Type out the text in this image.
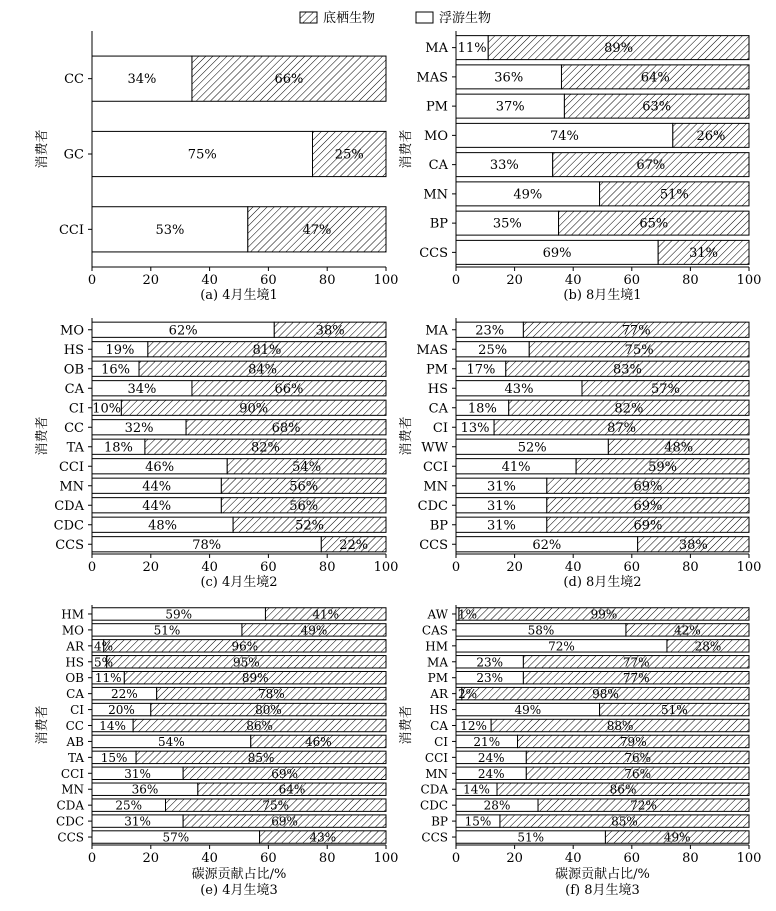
底栖生物	浮游生物
CC	34%	66%
GC	75%	25%
CCI	53%	47%
0	20	40	60	80	100
消费者
(a) 4月生境1
MA 11%	89%
MAS	36%	64%
PM	37%	63%
MO	74%	26%
CA	33%	67%
MN	49%	51%
BP	35%	65%
CCS	69%	31%
0	20	40	60	80	100
消费者
(b) 8月生境1
MO	62%	38%
HS 19%	81%
OB 16%	84%
CA	34%	66%
CI 10%	90%
CC	32%	68%
TA 18%	82%
CCI	46%	54%
MN	44%	56%
CDA	44%	56%
CDC	48%	52%
CCS	78%	22%
0	20	40	60	80	100
消费者
(c) 4月生境2
MA 23%	77%
MAS 25%	75%
PM 17%	83%
HS	43%	57%
CA 18%	82%
CI 13%	87%
WW	52%	48%
CCI	41%	59%
MN	31%	69%
CDC	31%	69%
BP	31%	69%
CCS	62%	38%
0	20	40	60	80	100
消费者
(d) 8月生境2
HM	59%	41%
MO	51%	49%
AR 4%	96%
HS 5%	95%
OB 11%	89%
CA 22%	78%
CI 20%	80%
CC 14%	86%
AB	54%	46%
TA 15%	85%
CCI	31%	69%
MN	36%	64%
CDA	25%	75%
CDC	31%	69%
CCS	57%	43%
0	20	40	60	80	100
消费者
碳源贡献占比/%
(e) 4月生境3
AW 1%	99%
CAS	58%	42%
HM	72%	28%
MA 23%	77%
PM 23%	77%
AR 2%	98%
HS	49%	51%
CA 12%	88%
CI 21%	79%
CCI 24%	76%
MN 24%	76%
CDA 14%	86%
CDC	28%	72%
BP 15%	85%
CCS	51%	49%
0	20	40	60	80	100
消费者
碳源贡献占比/%
(f) 8月生境3
